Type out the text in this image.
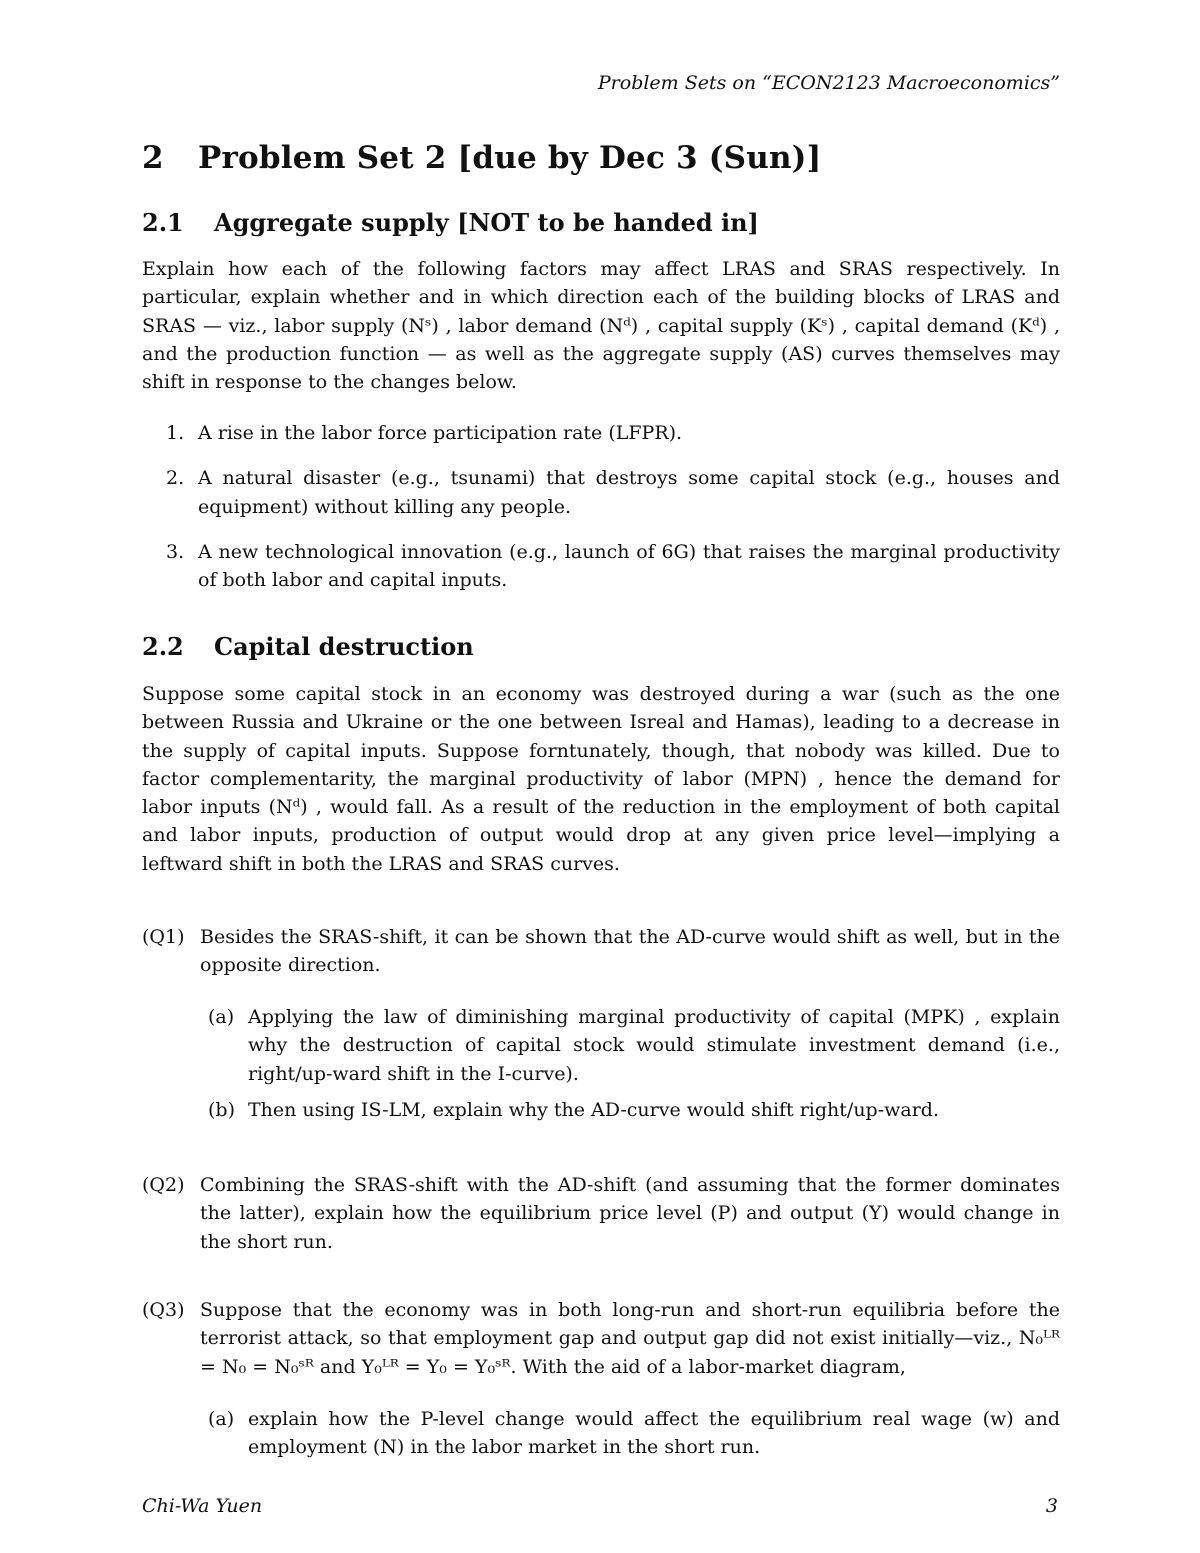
Problem Sets on “ECON2123 Macroeconomics”
2 Problem Set 2 [due by Dec 3 (Sun)]
2.1 Aggregate supply [NOT to be handed in]
Explain how each of the following factors may affect LRAS and SRAS respectively. In particular, explain whether and in which direction each of the building blocks of LRAS and SRAS — viz., labor supply (Nˢ) , labor demand (Nᵈ) , capital supply (Kˢ) , capital demand (Kᵈ) , and the production function — as well as the aggregate supply (AS) curves themselves may shift in response to the changes below.
1. A rise in the labor force participation rate (LFPR).
2. A natural disaster (e.g., tsunami) that destroys some capital stock (e.g., houses and equipment) without killing any people.
3. A new technological innovation (e.g., launch of 6G) that raises the marginal productivity of both labor and capital inputs.
2.2 Capital destruction
Suppose some capital stock in an economy was destroyed during a war (such as the one between Russia and Ukraine or the one between Isreal and Hamas), leading to a decrease in the supply of capital inputs. Suppose forntunately, though, that nobody was killed. Due to factor complementarity, the marginal productivity of labor (MPN) , hence the demand for labor inputs (Nᵈ) , would fall. As a result of the reduction in the employment of both capital and labor inputs, production of output would drop at any given price level—implying a leftward shift in both the LRAS and SRAS curves.
(Q1) Besides the SRAS-shift, it can be shown that the AD-curve would shift as well, but in the opposite direction.
(a) Applying the law of diminishing marginal productivity of capital (MPK) , explain why the destruction of capital stock would stimulate investment demand (i.e., right/up-ward shift in the I-curve).
(b) Then using IS-LM, explain why the AD-curve would shift right/up-ward.
(Q2) Combining the SRAS-shift with the AD-shift (and assuming that the former dominates the latter), explain how the equilibrium price level (P) and output (Y) would change in the short run.
(Q3) Suppose that the economy was in both long-run and short-run equilibria before the terrorist attack, so that employment gap and output gap did not exist initially—viz., N₀ᴸᴿ = N₀ = N₀ˢᴿ and Y₀ᴸᴿ = Y₀ = Y₀ˢᴿ. With the aid of a labor-market diagram,
(a) explain how the P-level change would affect the equilibrium real wage (w) and employment (N) in the labor market in the short run.
Chi-Wa Yuen	3
